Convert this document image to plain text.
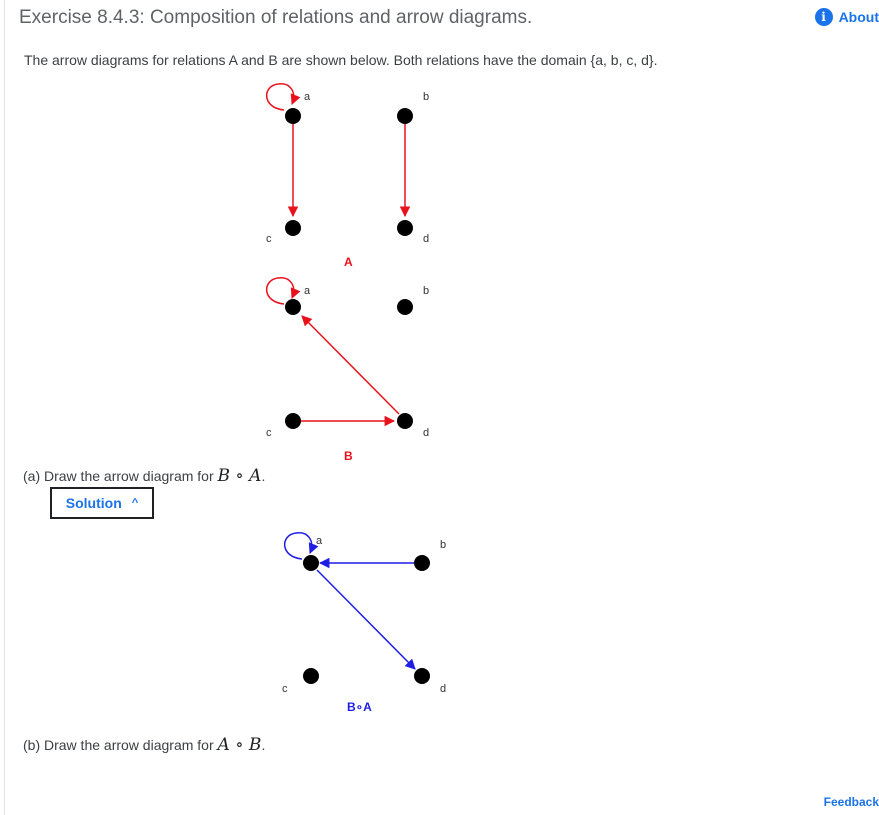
Exercise 8.4.3: Composition of relations and arrow diagrams.	i About
The arrow diagrams for relations A and B are shown below. Both relations have the domain {a, b, c, d}.
a	b
c	d
A
a	b
c	d
B
a	b
c	d
B∘A
(a) Draw the arrow diagram for B ∘ A.
Solution ^
(b) Draw the arrow diagram for A ∘ B.
Feedback
